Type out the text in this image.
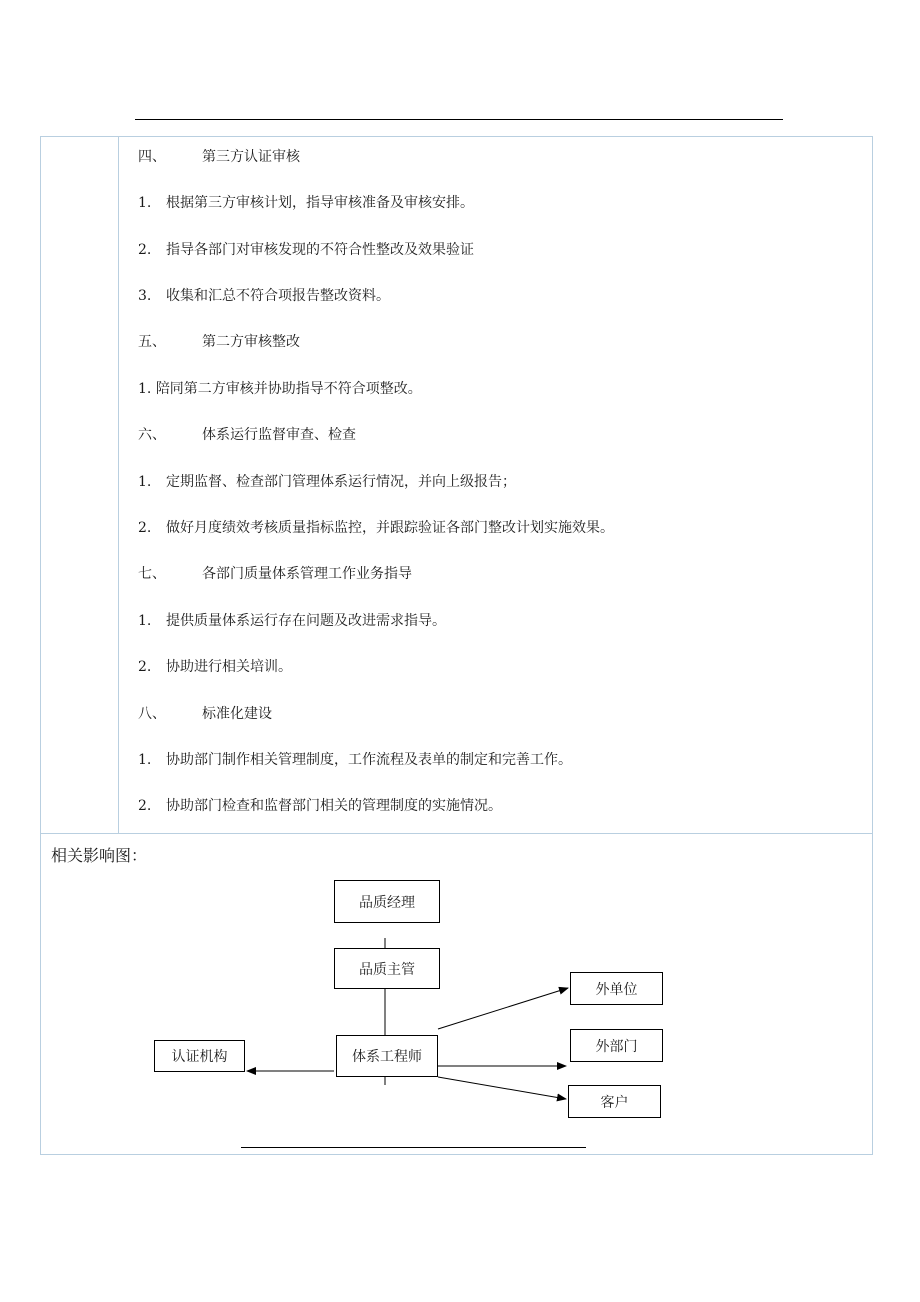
四、	第三方认证审核
1. 根据第三方审核计划，指导审核准备及审核安排。
2. 指导各部门对审核发现的不符合性整改及效果验证
3. 收集和汇总不符合项报告整改资料。
五、	第二方审核整改
1. 陪同第二方审核并协助指导不符合项整改。
六、	体系运行监督审查、检查
1. 定期监督、检查部门管理体系运行情况，并向上级报告；
2. 做好月度绩效考核质量指标监控，并跟踪验证各部门整改计划实施效果。
七、	各部门质量体系管理工作业务指导
1. 提供质量体系运行存在问题及改进需求指导。
2. 协助进行相关培训。
八、	标准化建设
1. 协助部门制作相关管理制度，工作流程及表单的制定和完善工作。
2. 协助部门检查和监督部门相关的管理制度的实施情况。
相关影响图：
品质经理
品质主管
体系工程师
认证机构
外单位
外部门
客户
